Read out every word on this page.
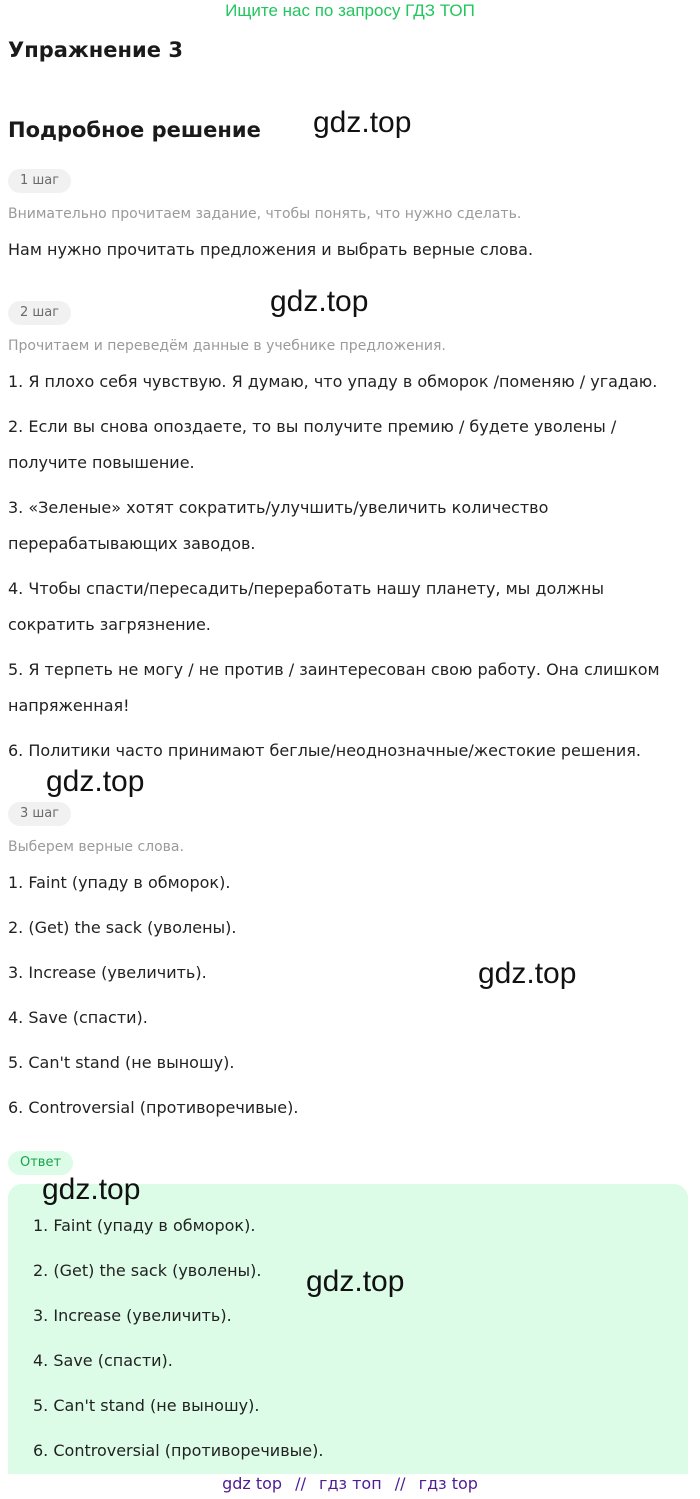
Ищите нас по запросу ГДЗ ТОП
Упражнение 3
Подробное решение gdz.top
1 шаг
Внимательно прочитаем задание, чтобы понять, что нужно сделать.
Нам нужно прочитать предложения и выбрать верные слова.
gdz.top
2 шаг
Прочитаем и переведём данные в учебнике предложения.
1. Я плохо себя чувствую. Я думаю, что упаду в обморок /поменяю / угадаю.
2. Если вы снова опоздаете, то вы получите премию / будете уволены /
получите повышение.
3. «Зеленые» хотят сократить/улучшить/увеличить количество
перерабатывающих заводов.
4. Чтобы спасти/пересадить/переработать нашу планету, мы должны
сократить загрязнение.
5. Я терпеть не могу / не против / заинтересован свою работу. Она слишком
напряженная!
6. Политики часто принимают беглые/неоднозначные/жестокие решения.
gdz.top
3 шаг
Выберем верные слова.
1. Faint (упаду в обморок).
2. (Get) the sack (уволены).
3. Increase (увеличить).	gdz.top
4. Save (спасти).
5. Can't stand (не выношу).
6. Controversial (противоречивые).
Ответ
gdz.top
1. Faint (упаду в обморок).
2. (Get) the sack (уволены). gdz.top
3. Increase (увеличить).
4. Save (спасти).
5. Can't stand (не выношу).
6. Controversial (противоречивые).
gdz top // гдз топ // гдз top
